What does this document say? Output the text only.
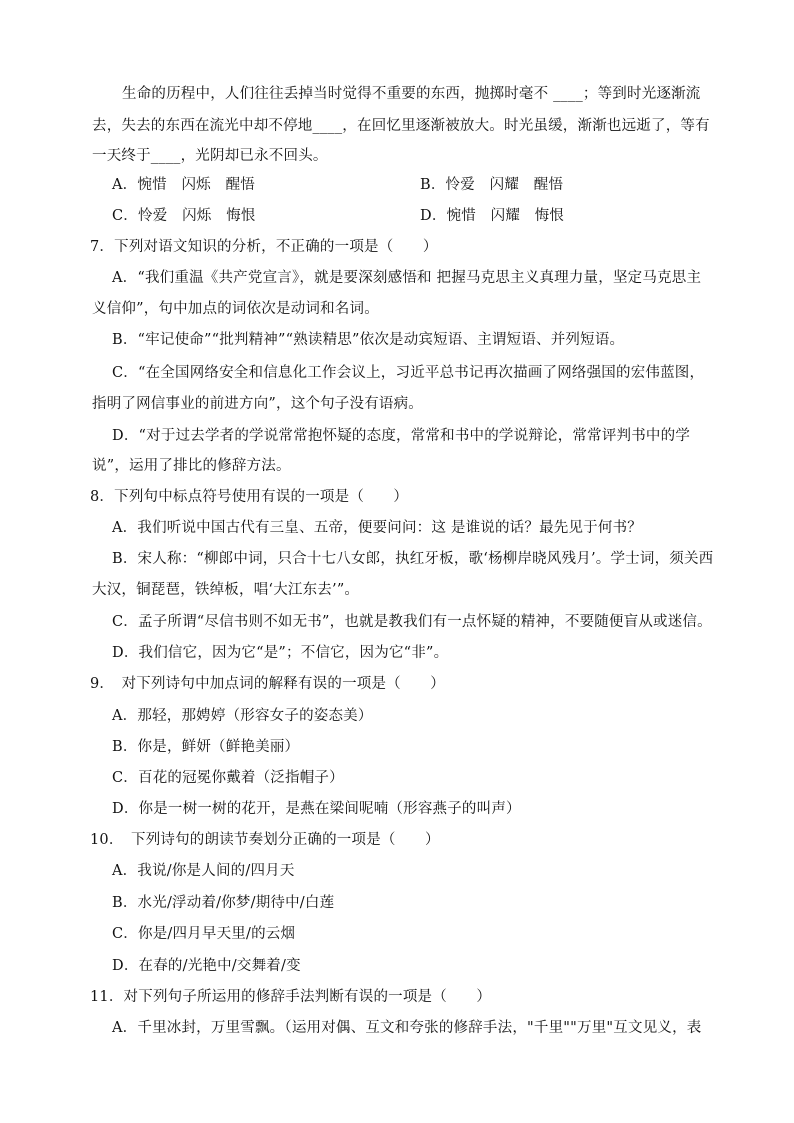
生命的历程中，人们往往丢掉当时觉得不重要的东西，抛掷时毫不 ____；等到时光逐渐流
去，失去的东西在流光中却不停地____，在回忆里逐渐被放大。时光虽缓，渐渐也远逝了，等有
一天终于____，光阴却已永不回头。
A．惋惜　闪烁　醒悟	B．怜爱　闪耀　醒悟
C．怜爱　闪烁　悔恨	D．惋惜　闪耀　悔恨
7．下列对语文知识的分析，不正确的一项是（　　）
A．“我们重温《共产党宣言》，就是要深刻感悟和 把握马克思主义真理力量，坚定马克思主
义信仰”，句中加点的词依次是动词和名词。
B．“牢记使命”“批判精神”“熟读精思”依次是动宾短语、主谓短语、并列短语。
C．“在全国网络安全和信息化工作会议上，习近平总书记再次描画了网络强国的宏伟蓝图，
指明了网信事业的前进方向”，这个句子没有语病。
D．“对于过去学者的学说常常抱怀疑的态度，常常和书中的学说辩论，常常评判书中的学
说”，运用了排比的修辞方法。
8．下列句中标点符号使用有误的一项是（　　）
A．我们听说中国古代有三皇、五帝，便要问问：这 是谁说的话？最先见于何书？
B．宋人称：“柳郎中词，只合十七八女郎，执红牙板，歌‘杨柳岸晓风残月’。学士词，须关西
大汉，铜琵琶，铁绰板，唱‘大江东去’”。
C．孟子所谓“尽信书则不如无书”，也就是教我们有一点怀疑的精神，不要随便盲从或迷信。
D．我们信它，因为它“是”；不信它，因为它“非”。
9．　对下列诗句中加点词的解释有误的一项是（　　）
A．那轻，那娉婷（形容女子的姿态美）
B．你是，鲜妍（鲜艳美丽）
C．百花的冠冕你戴着（泛指帽子）
D．你是一树一树的花开，是燕在梁间呢喃（形容燕子的叫声）
10．　下列诗句的朗读节奏划分正确的一项是（　　）
A．我说/你是人间的/四月天
B．水光/浮动着/你梦/期待中/白莲
C．你是/四月早天里/的云烟
D．在春的/光艳中/交舞着/变
11．对下列句子所运用的修辞手法判断有误的一项是（　　）
A．千里冰封，万里雪飘。（运用对偶、互文和夸张的修辞手法，"千里""万里"互文见义，表
